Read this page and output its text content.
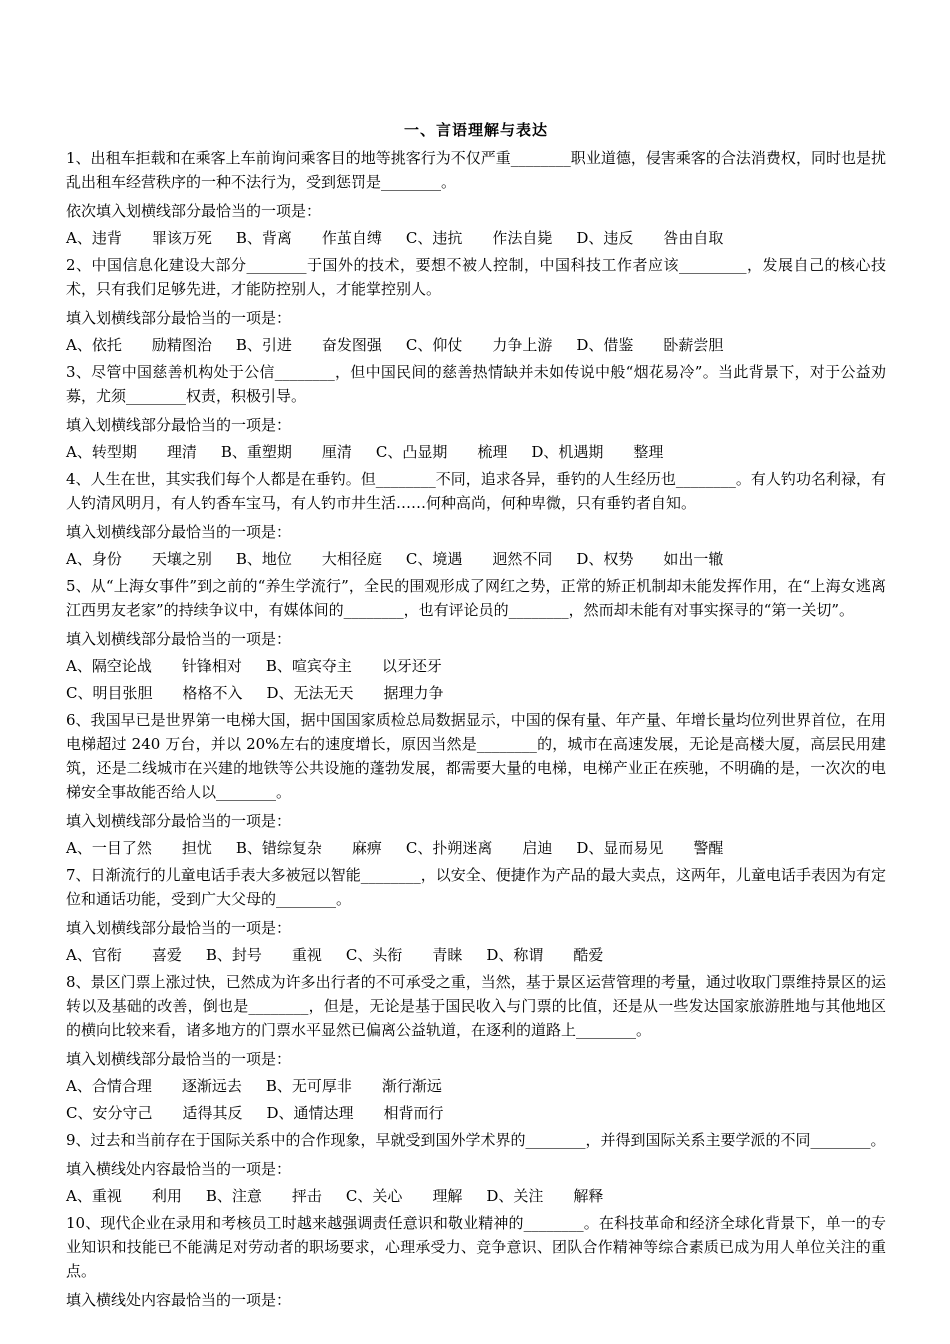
一、言语理解与表达

1、出租车拒载和在乘客上车前询问乘客目的地等挑客行为不仅严重________职业道德，侵害乘客的合法消费权，同时也是扰乱出租车经营秩序的一种不法行为，受到惩罚是________。

依次填入划横线部分最恰当的一项是：

A、违背　　罪该万死 B、背离　　作茧自缚 C、违抗　　作法自毙 D、违反　　咎由自取

2、中国信息化建设大部分________于国外的技术，要想不被人控制，中国科技工作者应该_________，发展自己的核心技术，只有我们足够先进，才能防控别人，才能掌控别人。

填入划横线部分最恰当的一项是：

A、依托　　励精图治 B、引进　　奋发图强 C、仰仗　　力争上游 D、借鉴　　卧薪尝胆

3、尽管中国慈善机构处于公信________，但中国民间的慈善热情缺并未如传说中般“烟花易冷”。当此背景下，对于公益劝募，尤须________权责，积极引导。

填入划横线部分最恰当的一项是：

A、转型期　　理清 B、重塑期　　厘清 C、凸显期　　梳理 D、机遇期　　整理

4、人生在世，其实我们每个人都是在垂钓。但________不同，追求各异，垂钓的人生经历也________。有人钓功名利禄，有人钓清风明月，有人钓香车宝马，有人钓市井生活……何种高尚，何种卑微，只有垂钓者自知。

填入划横线部分最恰当的一项是：

A、身份　　天壤之别 B、地位　　大相径庭 C、境遇　　迥然不同 D、权势　　如出一辙

5、从“上海女事件”到之前的“养生学流行”，全民的围观形成了网红之势，正常的矫正机制却未能发挥作用，在“上海女逃离江西男友老家”的持续争议中，有媒体间的________，也有评论员的________，然而却未能有对事实探寻的“第一关切”。

填入划横线部分最恰当的一项是：

A、隔空论战　　针锋相对 B、喧宾夺主　　以牙还牙
C、明目张胆　　格格不入 D、无法无天　　据理力争

6、我国早已是世界第一电梯大国，据中国国家质检总局数据显示，中国的保有量、年产量、年增长量均位列世界首位，在用电梯超过 240 万台，并以 20%左右的速度增长，原因当然是________的，城市在高速发展，无论是高楼大厦，高层民用建筑，还是二线城市在兴建的地铁等公共设施的蓬勃发展，都需要大量的电梯，电梯产业正在疾驰，不明确的是，一次次的电梯安全事故能否给人以________。

填入划横线部分最恰当的一项是：

A、一目了然　　担忧 B、错综复杂　　麻痹 C、扑朔迷离　　启迪 D、显而易见　　警醒

7、日渐流行的儿童电话手表大多被冠以智能________，以安全、便捷作为产品的最大卖点，这两年，儿童电话手表因为有定位和通话功能，受到广大父母的________。

填入划横线部分最恰当的一项是：

A、官衔　　喜爱 B、封号　　重视 C、头衔　　青睐 D、称谓　　酷爱

8、景区门票上涨过快，已然成为许多出行者的不可承受之重，当然，基于景区运营管理的考量，通过收取门票维持景区的运转以及基础的改善，倒也是________，但是，无论是基于国民收入与门票的比值，还是从一些发达国家旅游胜地与其他地区的横向比较来看，诸多地方的门票水平显然已偏离公益轨道，在逐利的道路上________。

填入划横线部分最恰当的一项是：

A、合情合理　　逐渐远去 B、无可厚非　　渐行渐远
C、安分守己　　适得其反 D、通情达理　　相背而行

9、过去和当前存在于国际关系中的合作现象，早就受到国外学术界的________，并得到国际关系主要学派的不同________。

填入横线处内容最恰当的一项是：

A、重视　　利用 B、注意　　抨击 C、关心　　理解 D、关注　　解释

10、现代企业在录用和考核员工时越来越强调责任意识和敬业精神的________。在科技革命和经济全球化背景下，单一的专业知识和技能已不能满足对劳动者的职场要求，心理承受力、竞争意识、团队合作精神等综合素质已成为用人单位关注的重点。

填入横线处内容最恰当的一项是：
